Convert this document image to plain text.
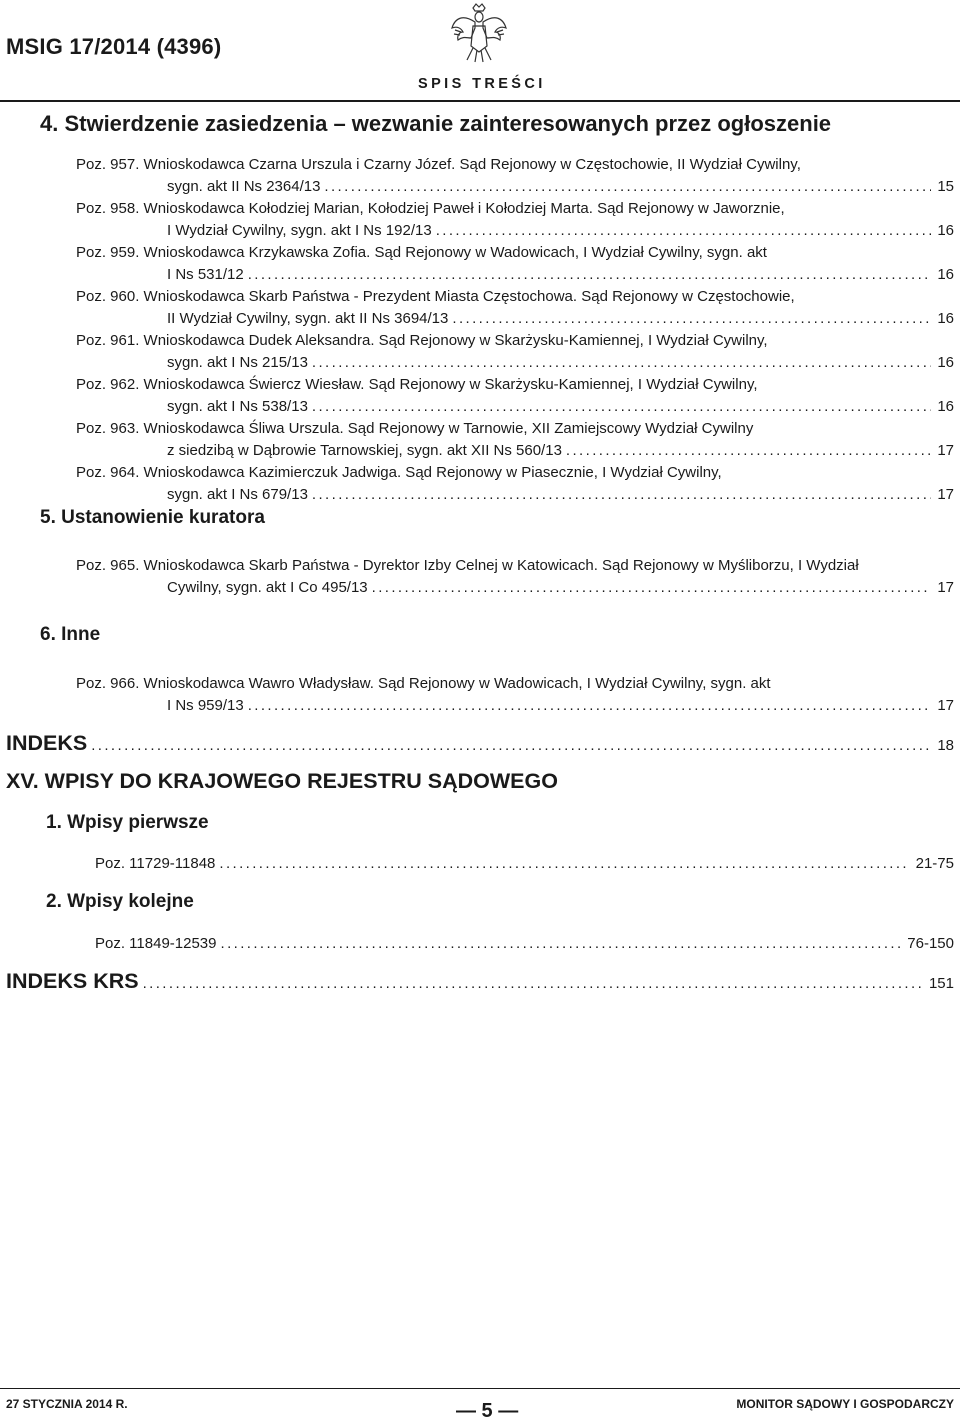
MSIG 17/2014 (4396)
SPIS TREŚCI
4. Stwierdzenie zasiedzenia – wezwanie zainteresowanych przez ogłoszenie
Poz. 957. Wnioskodawca Czarna Urszula i Czarny Józef. Sąd Rejonowy w Częstochowie, II Wydział Cywilny,
sygn. akt II Ns 2364/13 .....	15
Poz. 958. Wnioskodawca Kołodziej Marian, Kołodziej Paweł i Kołodziej Marta. Sąd Rejonowy w Jaworznie,
I Wydział Cywilny, sygn. akt I Ns 192/13 .....	16
Poz. 959. Wnioskodawca Krzykawska Zofia. Sąd Rejonowy w Wadowicach, I Wydział Cywilny, sygn. akt
I Ns 531/12 .....	16
Poz. 960. Wnioskodawca Skarb Państwa - Prezydent Miasta Częstochowa. Sąd Rejonowy w Częstochowie,
II Wydział Cywilny, sygn. akt II Ns 3694/13 .....	16
Poz. 961. Wnioskodawca Dudek Aleksandra. Sąd Rejonowy w Skarżysku-Kamiennej, I Wydział Cywilny,
sygn. akt I Ns 215/13 .....	16
Poz. 962. Wnioskodawca Świercz Wiesław. Sąd Rejonowy w Skarżysku-Kamiennej, I Wydział Cywilny,
sygn. akt I Ns 538/13 .....	16
Poz. 963. Wnioskodawca Śliwa Urszula. Sąd Rejonowy w Tarnowie, XII Zamiejscowy Wydział Cywilny
z siedzibą w Dąbrowie Tarnowskiej, sygn. akt XII Ns 560/13 .....	17
Poz. 964. Wnioskodawca Kazimierczuk Jadwiga. Sąd Rejonowy w Piasecznie, I Wydział Cywilny,
sygn. akt I Ns 679/13 .....	17
5. Ustanowienie kuratora
Poz. 965. Wnioskodawca Skarb Państwa - Dyrektor Izby Celnej w Katowicach. Sąd Rejonowy w Myśliborzu, I Wydział
Cywilny, sygn. akt I Co 495/13 .....	17
6. Inne
Poz. 966. Wnioskodawca Wawro Władysław. Sąd Rejonowy w Wadowicach, I Wydział Cywilny, sygn. akt
I Ns 959/13 .....	17
INDEKS .....	18
XV. WPISY DO KRAJOWEGO REJESTRU SĄDOWEGO
1. Wpisy pierwsze
Poz. 11729-11848 .....	21-75
2. Wpisy kolejne
Poz. 11849-12539 .....	76-150
INDEKS KRS .....	151
27 STYCZNIA 2014 R.	— 5 —	MONITOR SĄDOWY I GOSPODARCZY
